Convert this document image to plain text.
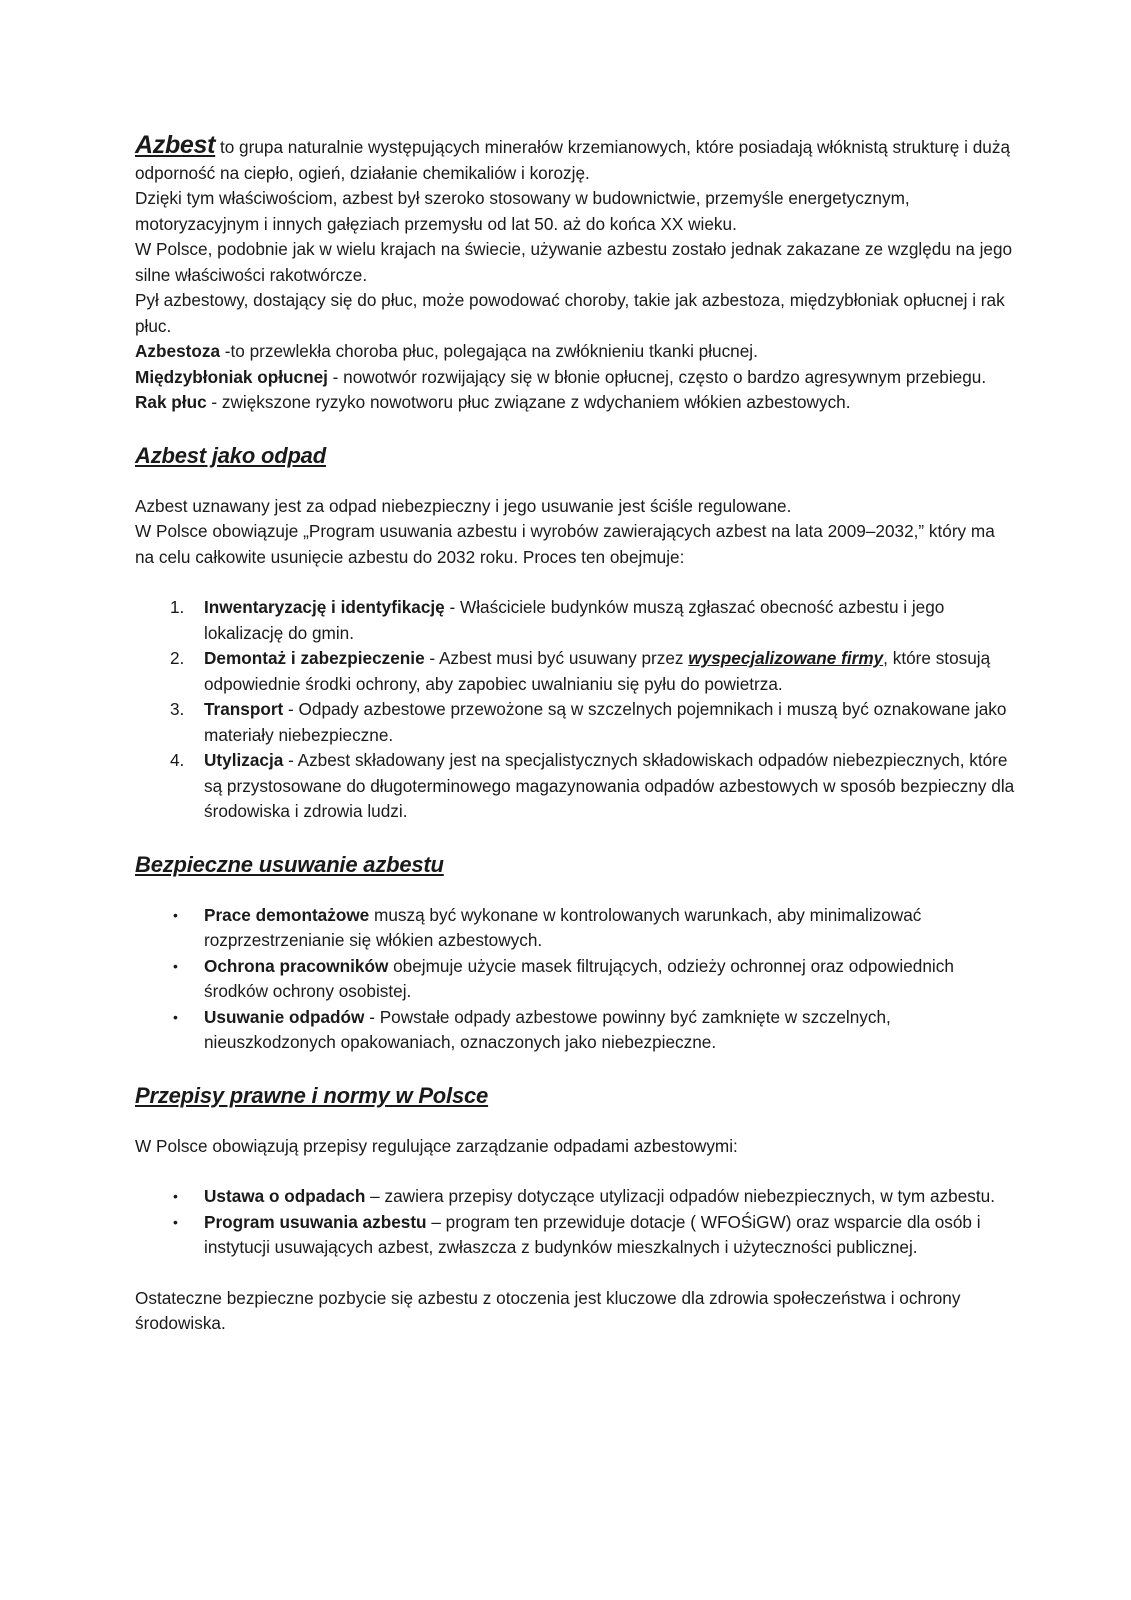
Azbest to grupa naturalnie występujących minerałów krzemianowych, które posiadają włóknistą strukturę i dużą odporność na ciepło, ogień, działanie chemikaliów i korozję.

Dzięki tym właściwościom, azbest był szeroko stosowany w budownictwie, przemyśle energetycznym, motoryzacyjnym i innych gałęziach przemysłu od lat 50. aż do końca XX wieku.

W Polsce, podobnie jak w wielu krajach na świecie, używanie azbestu zostało jednak zakazane ze względu na jego silne właściwości rakotwórcze.

Pył azbestowy, dostający się do płuc, może powodować choroby, takie jak azbestoza, międzybłoniak opłucnej i rak płuc.

Azbestoza -to przewlekła choroba płuc, polegająca na zwłóknieniu tkanki płucnej.

Międzybłoniak opłucnej - nowotwór rozwijający się w błonie opłucnej, często o bardzo agresywnym przebiegu.

Rak płuc - zwiększone ryzyko nowotworu płuc związane z wdychaniem włókien azbestowych.

Azbest jako odpad

Azbest uznawany jest za odpad niebezpieczny i jego usuwanie jest ściśle regulowane.

W Polsce obowiązuje „Program usuwania azbestu i wyrobów zawierających azbest na lata 2009–2032,” który ma na celu całkowite usunięcie azbestu do 2032 roku. Proces ten obejmuje:

1.	Inwentaryzację i identyfikację - Właściciele budynków muszą zgłaszać obecność azbestu i jego lokalizację do gmin.
2.	Demontaż i zabezpieczenie - Azbest musi być usuwany przez wyspecjalizowane firmy, które stosują odpowiednie środki ochrony, aby zapobiec uwalnianiu się pyłu do powietrza.
3.	Transport - Odpady azbestowe przewożone są w szczelnych pojemnikach i muszą być oznakowane jako materiały niebezpieczne.
4.	Utylizacja - Azbest składowany jest na specjalistycznych składowiskach odpadów niebezpiecznych, które są przystosowane do długoterminowego magazynowania odpadów azbestowych w sposób bezpieczny dla środowiska i zdrowia ludzi.
Bezpieczne usuwanie azbestu
•	Prace demontażowe muszą być wykonane w kontrolowanych warunkach, aby minimalizować rozprzestrzenianie się włókien azbestowych.
•	Ochrona pracowników obejmuje użycie masek filtrujących, odzieży ochronnej oraz odpowiednich środków ochrony osobistej.
•	Usuwanie odpadów - Powstałe odpady azbestowe powinny być zamknięte w szczelnych, nieuszkodzonych opakowaniach, oznaczonych jako niebezpieczne.
Przepisy prawne i normy w Polsce

W Polsce obowiązują przepisy regulujące zarządzanie odpadami azbestowymi:

•	Ustawa o odpadach – zawiera przepisy dotyczące utylizacji odpadów niebezpiecznych, w tym azbestu.
•	Program usuwania azbestu – program ten przewiduje dotacje ( WFOŚiGW) oraz wsparcie dla osób i instytucji usuwających azbest, zwłaszcza z budynków mieszkalnych i użyteczności publicznej.

Ostateczne bezpieczne pozbycie się azbestu z otoczenia jest kluczowe dla zdrowia społeczeństwa i ochrony środowiska.
